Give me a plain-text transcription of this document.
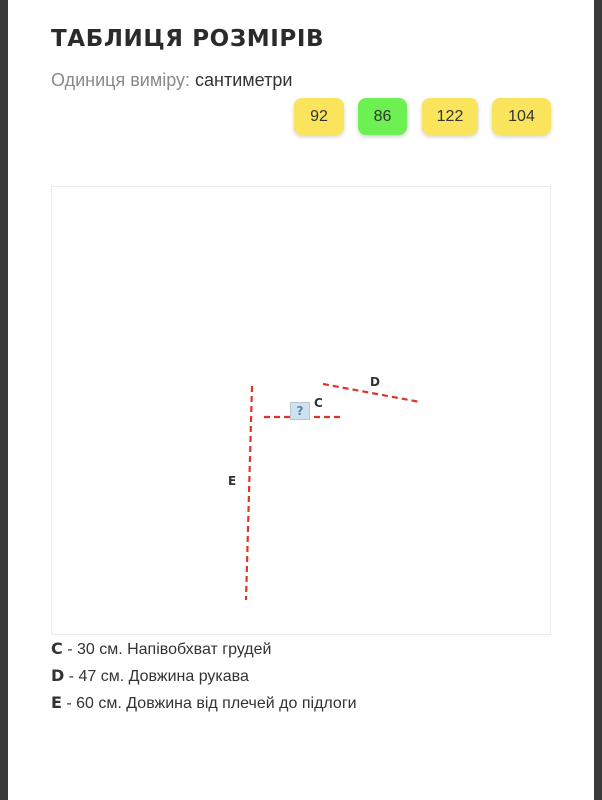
ТАБЛИЦЯ РОЗМІРІВ
Одиниця виміру: сантиметри
92	86	122	104
E
C
D
?
C - 30 см. Напівобхват грудей
D - 47 см. Довжина рукава
E - 60 см. Довжина від плечей до підлоги
